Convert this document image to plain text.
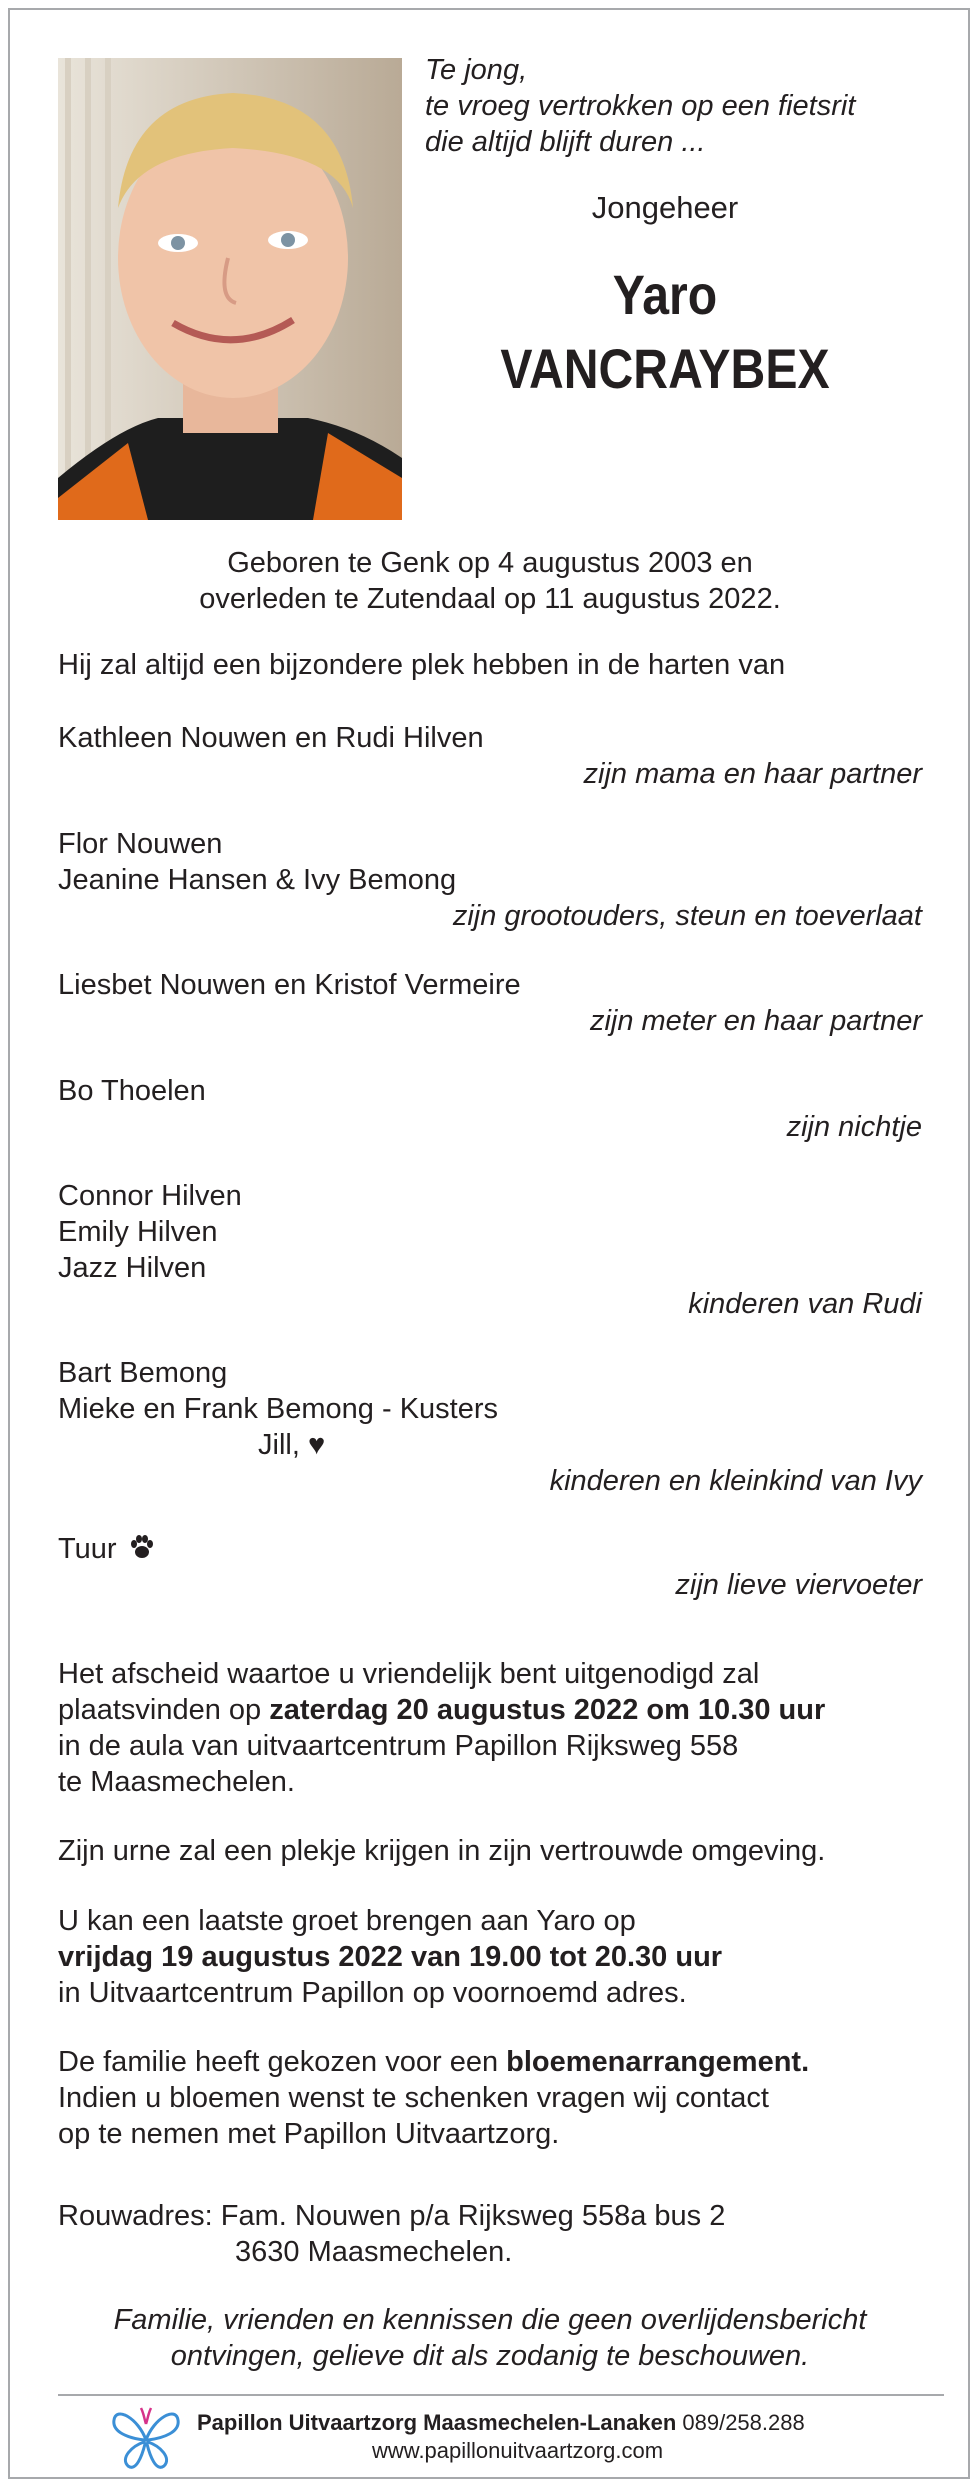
Te jong,
te vroeg vertrokken op een fietsrit
die altijd blijft duren ...
Jongeheer
Yaro
VANCRAYBEX
Geboren te Genk op 4 augustus 2003 en
overleden te Zutendaal op 11 augustus 2022.
Hij zal altijd een bijzondere plek hebben in de harten van
Kathleen Nouwen en Rudi Hilven
zijn mama en haar partner
Flor Nouwen
Jeanine Hansen & Ivy Bemong
zijn grootouders, steun en toeverlaat
Liesbet Nouwen en Kristof Vermeire
zijn meter en haar partner
Bo Thoelen
zijn nichtje
Connor Hilven
Emily Hilven
Jazz Hilven
kinderen van Rudi
Bart Bemong
Mieke en Frank Bemong - Kusters
Jill, ♥
kinderen en kleinkind van Ivy
Tuur
zijn lieve viervoeter
Het afscheid waartoe u vriendelijk bent uitgenodigd zal
plaatsvinden op zaterdag 20 augustus 2022 om 10.30 uur
in de aula van uitvaartcentrum Papillon Rijksweg 558
te Maasmechelen.
Zijn urne zal een plekje krijgen in zijn vertrouwde omgeving.
U kan een laatste groet brengen aan Yaro op
vrijdag 19 augustus 2022 van 19.00 tot 20.30 uur
in Uitvaartcentrum Papillon op voornoemd adres.
De familie heeft gekozen voor een bloemenarrangement.
Indien u bloemen wenst te schenken vragen wij contact
op te nemen met Papillon Uitvaartzorg.
Rouwadres: Fam. Nouwen p/a Rijksweg 558a bus 2
3630 Maasmechelen.
Familie, vrienden en kennissen die geen overlijdensbericht
ontvingen, gelieve dit als zodanig te beschouwen.
Papillon Uitvaartzorg Maasmechelen-Lanaken 089/258.288
www.papillonuitvaartzorg.com
